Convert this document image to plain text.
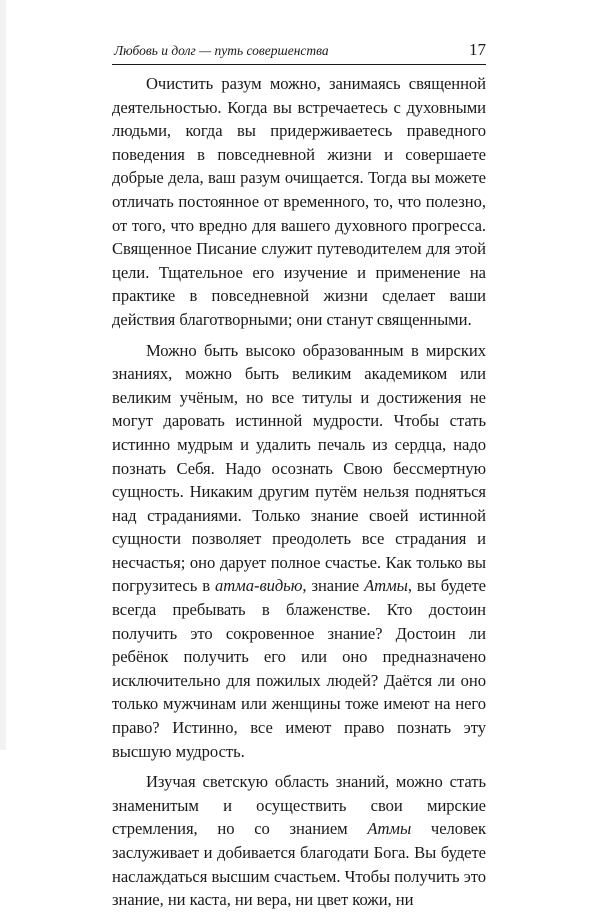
Любовь и долг — путь совершенства	17

Очистить разум можно, занимаясь священной деятельностью. Когда вы встречаетесь с духовными людьми, когда вы придерживаетесь праведного поведения в повседневной жизни и совершаете добрые дела, ваш разум очищается. Тогда вы можете отличать постоянное от временного, то, что полезно, от того, что вредно для вашего духовного прогресса. Священное Писание служит путеводителем для этой цели. Тщательное его изучение и применение на практике в повседневной жизни сделает ваши действия благотворными; они станут священными.

Можно быть высоко образованным в мирских знаниях, можно быть великим академиком или великим учёным, но все титулы и достижения не могут даровать истинной мудрости. Чтобы стать истинно мудрым и удалить печаль из сердца, надо познать Себя. Надо осознать Свою бессмертную сущность. Никаким другим путём нельзя подняться над страданиями. Только знание своей истинной сущности позволяет преодолеть все страдания и несчастья; оно дарует полное счастье. Как только вы погрузитесь в атма-видью, знание Атмы, вы будете всегда пребывать в блаженстве. Кто достоин получить это сокровенное знание? Достоин ли ребёнок получить его или оно предназначено исключительно для пожилых людей? Даётся ли оно только мужчинам или женщины тоже имеют на него право? Истинно, все имеют право познать эту высшую мудрость.

Изучая светскую область знаний, можно стать знаменитым и осуществить свои мирские стремления, но со знанием Атмы человек заслуживает и добивается благодати Бога. Вы будете наслаждаться высшим счастьем. Чтобы получить это знание, ни каста, ни вера, ни цвет кожи, ни
